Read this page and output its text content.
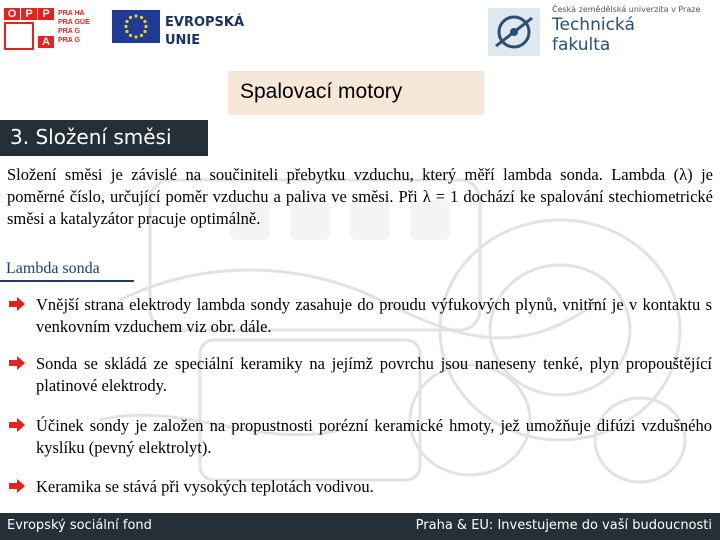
O P P
A
PRA HA
PRA GUE
PRA G
PRA G
EVROPSKÁ
UNIE
Česká zemědělská univerzita v Praze
Technická
fakulta
Spalovací motory
3. Složení směsi
Složení směsi je závislé na součiniteli přebytku vzduchu, který měří lambda sonda. Lambda (λ) je poměrné číslo, určující poměr vzduchu a paliva ve směsi. Při λ = 1 dochází ke spalování stechiometrické směsi a katalyzátor pracuje optimálně.
Lambda sonda
Vnější strana elektrody lambda sondy zasahuje do proudu výfukových plynů, vnitřní je v kontaktu s venkovním vzduchem viz obr. dále.
Sonda se skládá ze speciální keramiky na jejímž povrchu jsou naneseny tenké, plyn propouštějící platinové elektrody.
Účinek sondy je založen na propustnosti porézní keramické hmoty, jež umožňuje difúzi vzdušného kyslíku (pevný elektrolyt).
Keramika se stává při vysokých teplotách vodivou.
Evropský sociální fond	Praha & EU: Investujeme do vaší budoucnosti
